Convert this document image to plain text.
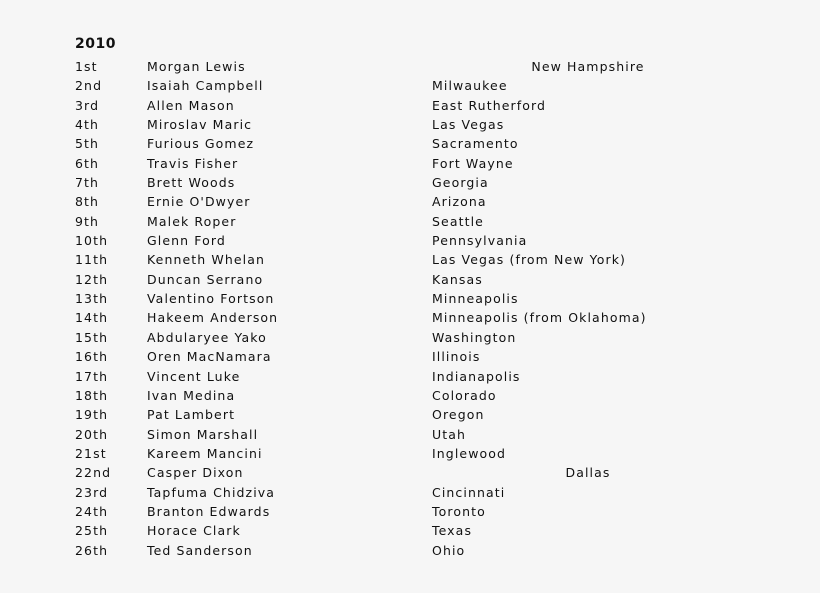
2010
1st	Morgan Lewis	New Hampshire
2nd	Isaiah Campbell	Milwaukee
3rd	Allen Mason	East Rutherford
4th	Miroslav Maric	Las Vegas
5th	Furious Gomez	Sacramento
6th	Travis Fisher	Fort Wayne
7th	Brett Woods	Georgia
8th	Ernie O'Dwyer	Arizona
9th	Malek Roper	Seattle
10th	Glenn Ford	Pennsylvania
11th	Kenneth Whelan	Las Vegas (from New York)
12th	Duncan Serrano	Kansas
13th	Valentino Fortson	Minneapolis
14th	Hakeem Anderson	Minneapolis (from Oklahoma)
15th	Abdularyee Yako	Washington
16th	Oren MacNamara	Illinois
17th	Vincent Luke	Indianapolis
18th	Ivan Medina	Colorado
19th	Pat Lambert	Oregon
20th	Simon Marshall	Utah
21st	Kareem Mancini	Inglewood
22nd	Casper Dixon	Dallas
23rd	Tapfuma Chidziva	Cincinnati
24th	Branton Edwards	Toronto
25th	Horace Clark	Texas
26th	Ted Sanderson	Ohio
